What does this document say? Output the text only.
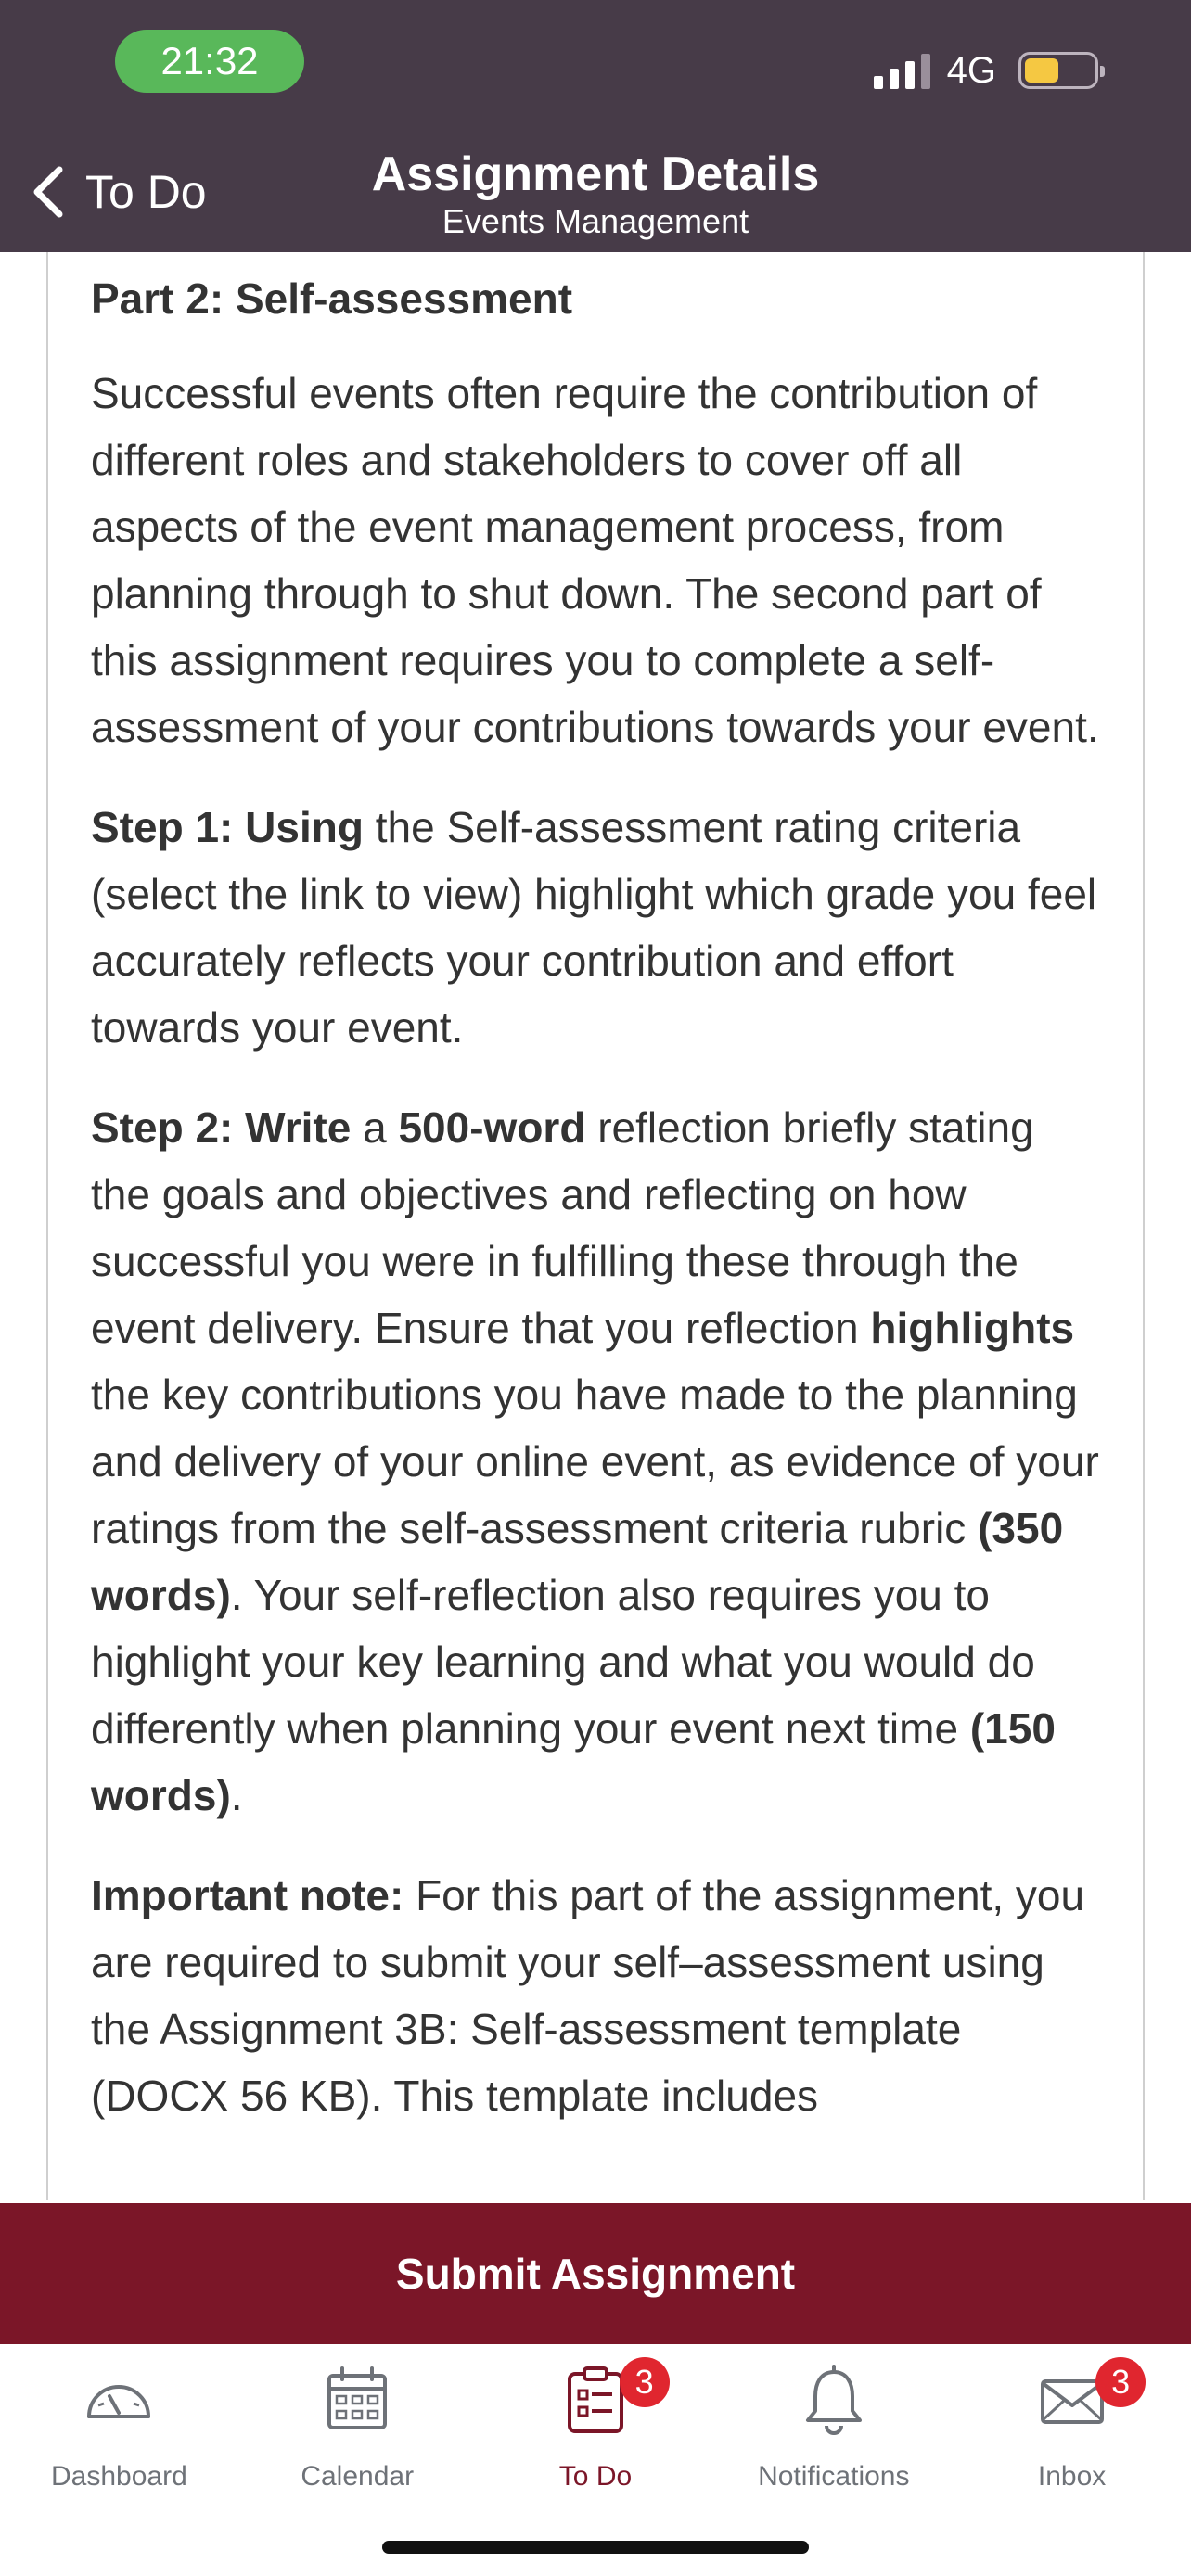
21:32	4G
To Do	Assignment Details
Events Management
Part 2: Self-assessment

Successful events often require the contribution of different roles and stakeholders to cover off all aspects of the event management process, from planning through to shut down. The second part of this assignment requires you to complete a self-assessment of your contributions towards your event.

Step 1: Using the Self-assessment rating criteria (select the link to view) highlight which grade you feel accurately reflects your contribution and effort towards your event.

Step 2: Write a 500-word reflection briefly stating the goals and objectives and reflecting on how successful you were in fulfilling these through the event delivery. Ensure that you reflection highlights the key contributions you have made to the planning and delivery of your online event, as evidence of your ratings from the self-assessment criteria rubric (350 words). Your self-reflection also requires you to highlight your key learning and what you would do differently when planning your event next time (150 words).

Important note: For this part of the assignment, you are required to submit your self–assessment using the Assignment 3B: Self-assessment template (DOCX 56 KB). This template includes

Submit Assignment
Dashboard	Calendar
3
To Do	Notifications
3
Inbox
